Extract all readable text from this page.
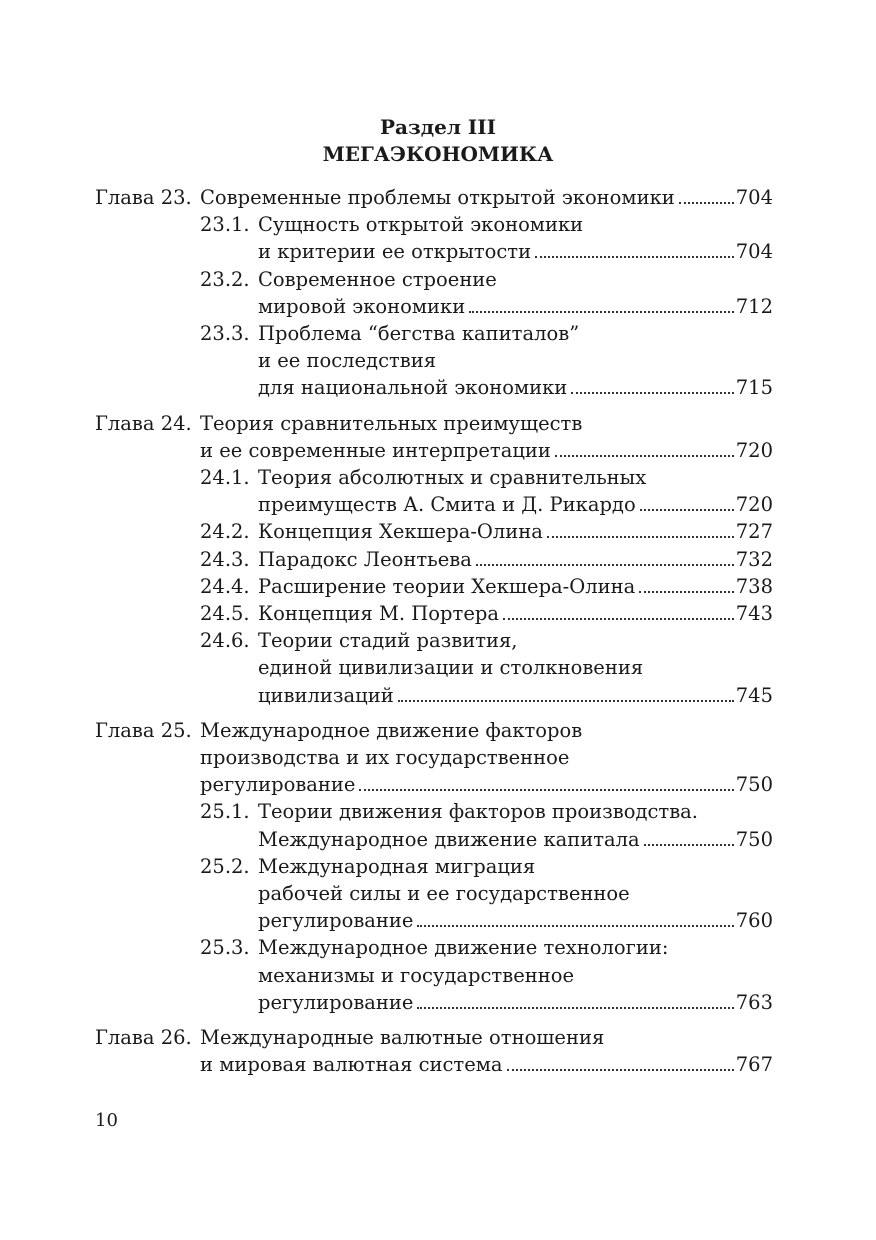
Раздел III
МЕГАЭКОНОМИКА
Глава 23. Современные проблемы открытой экономики	704
23.1. Сущность открытой экономики
и критерии ее открытости	704
23.2. Современное строение
мировой экономики	712
23.3. Проблема “бегства капиталов”
и ее последствия
для национальной экономики	715
Глава 24. Теория сравнительных преимуществ
и ее современные интерпретации	720
24.1. Теория абсолютных и сравнительных
преимуществ А. Смита и Д. Рикардо	720
24.2. Концепция Хекшера-Олина	727
24.3. Парадокс Леонтьева	732
24.4. Расширение теории Хекшера-Олина	738
24.5. Концепция М. Портера	743
24.6. Теории стадий развития,
единой цивилизации и столкновения
цивилизаций	745
Глава 25. Международное движение факторов
производства и их государственное
регулирование	750
25.1. Теории движения факторов производства.
Международное движение капитала	750
25.2. Международная миграция
рабочей силы и ее государственное
регулирование	760
25.3. Международное движение технологии:
механизмы и государственное
регулирование	763
Глава 26. Международные валютные отношения
и мировая валютная система	767
10
